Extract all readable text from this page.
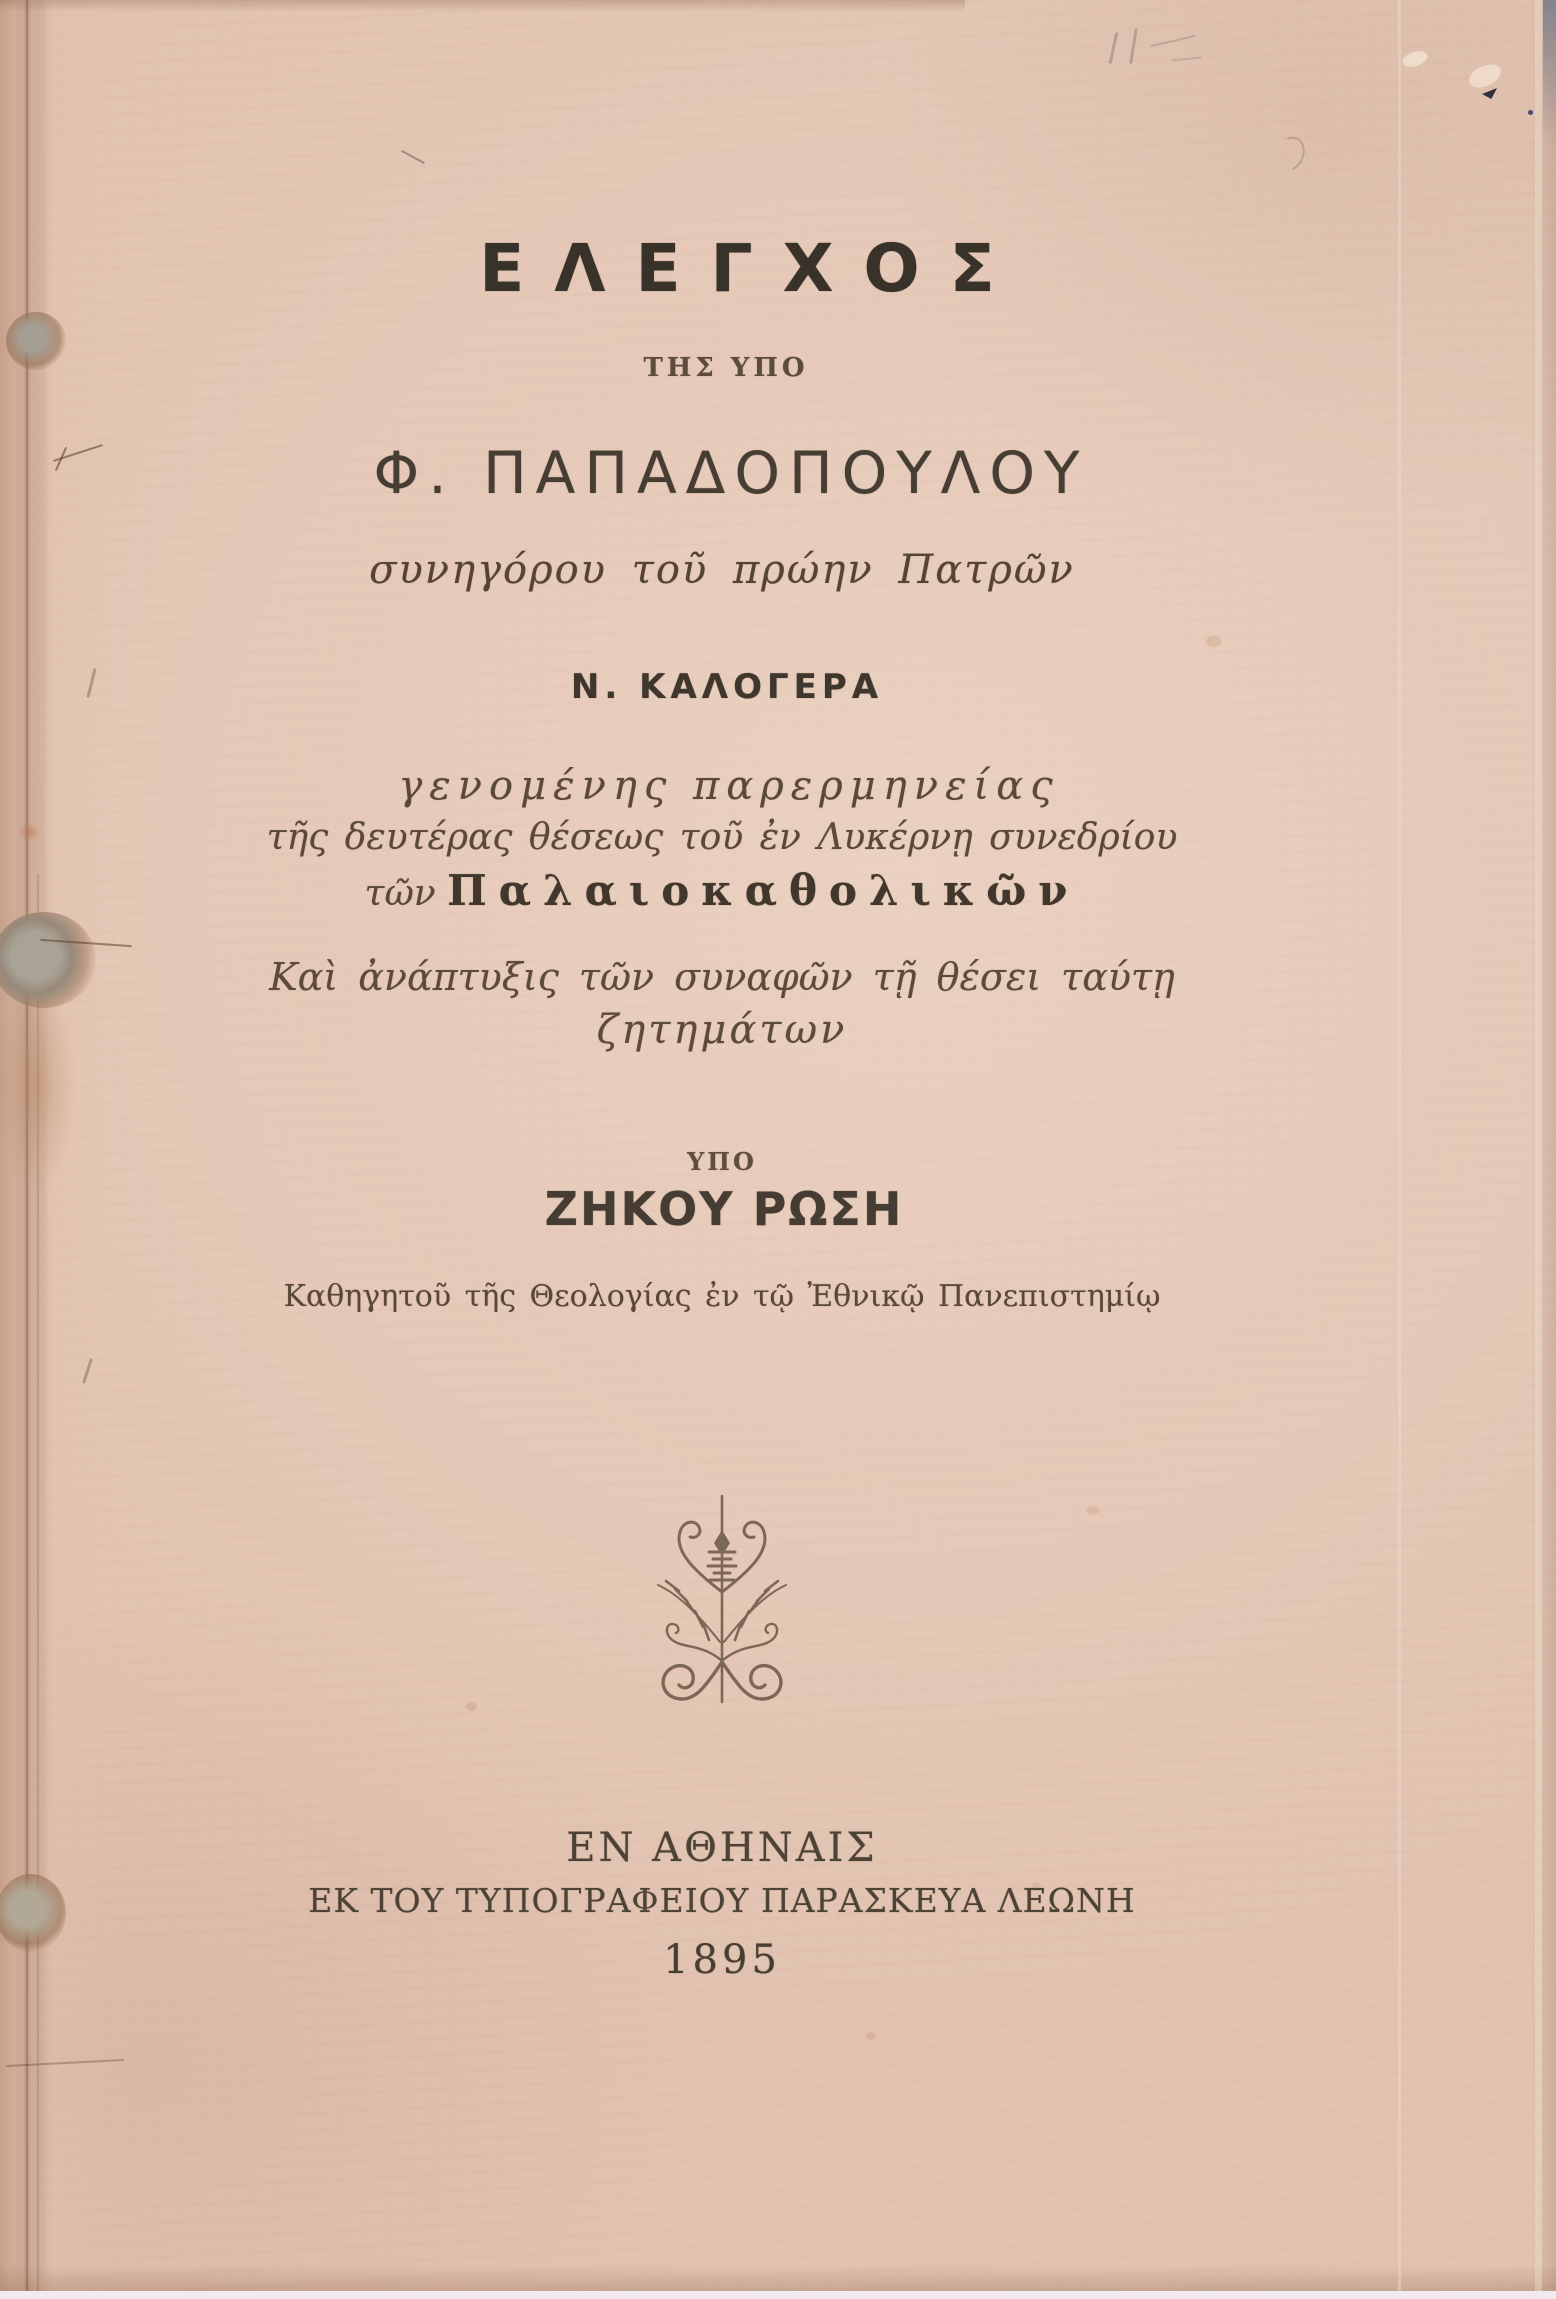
ΕΛΕΓΧΟΣ
ΤΗΣ ΥΠΟ
Φ. ΠΑΠΑΔΟΠΟΥΛΟΥ
συνηγόρου τοῦ πρώην Πατρῶν
Ν. ΚΑΛΟΓΕΡΑ
γενομένης παρερμηνείας
τῆς δευτέρας θέσεως τοῦ ἐν Λυκέρνῃ συνεδρίου
τῶν Παλαιοκαθολικῶν
Καὶ ἀνάπτυξις τῶν συναφῶν τῇ θέσει ταύτῃ
ζητημάτων
ΥΠΟ
ΖΗΚΟΥ ΡΩΣΗ
Καθηγητοῦ τῆς Θεολογίας ἐν τῷ Ἐθνικῷ Πανεπιστημίῳ
ΕΝ ΑΘΗΝΑΙΣ
ΕΚ ΤΟΥ ΤΥΠΟΓΡΑΦΕΙΟΥ ΠΑΡΑΣΚΕΥΑ ΛΕΩΝΗ
1895
